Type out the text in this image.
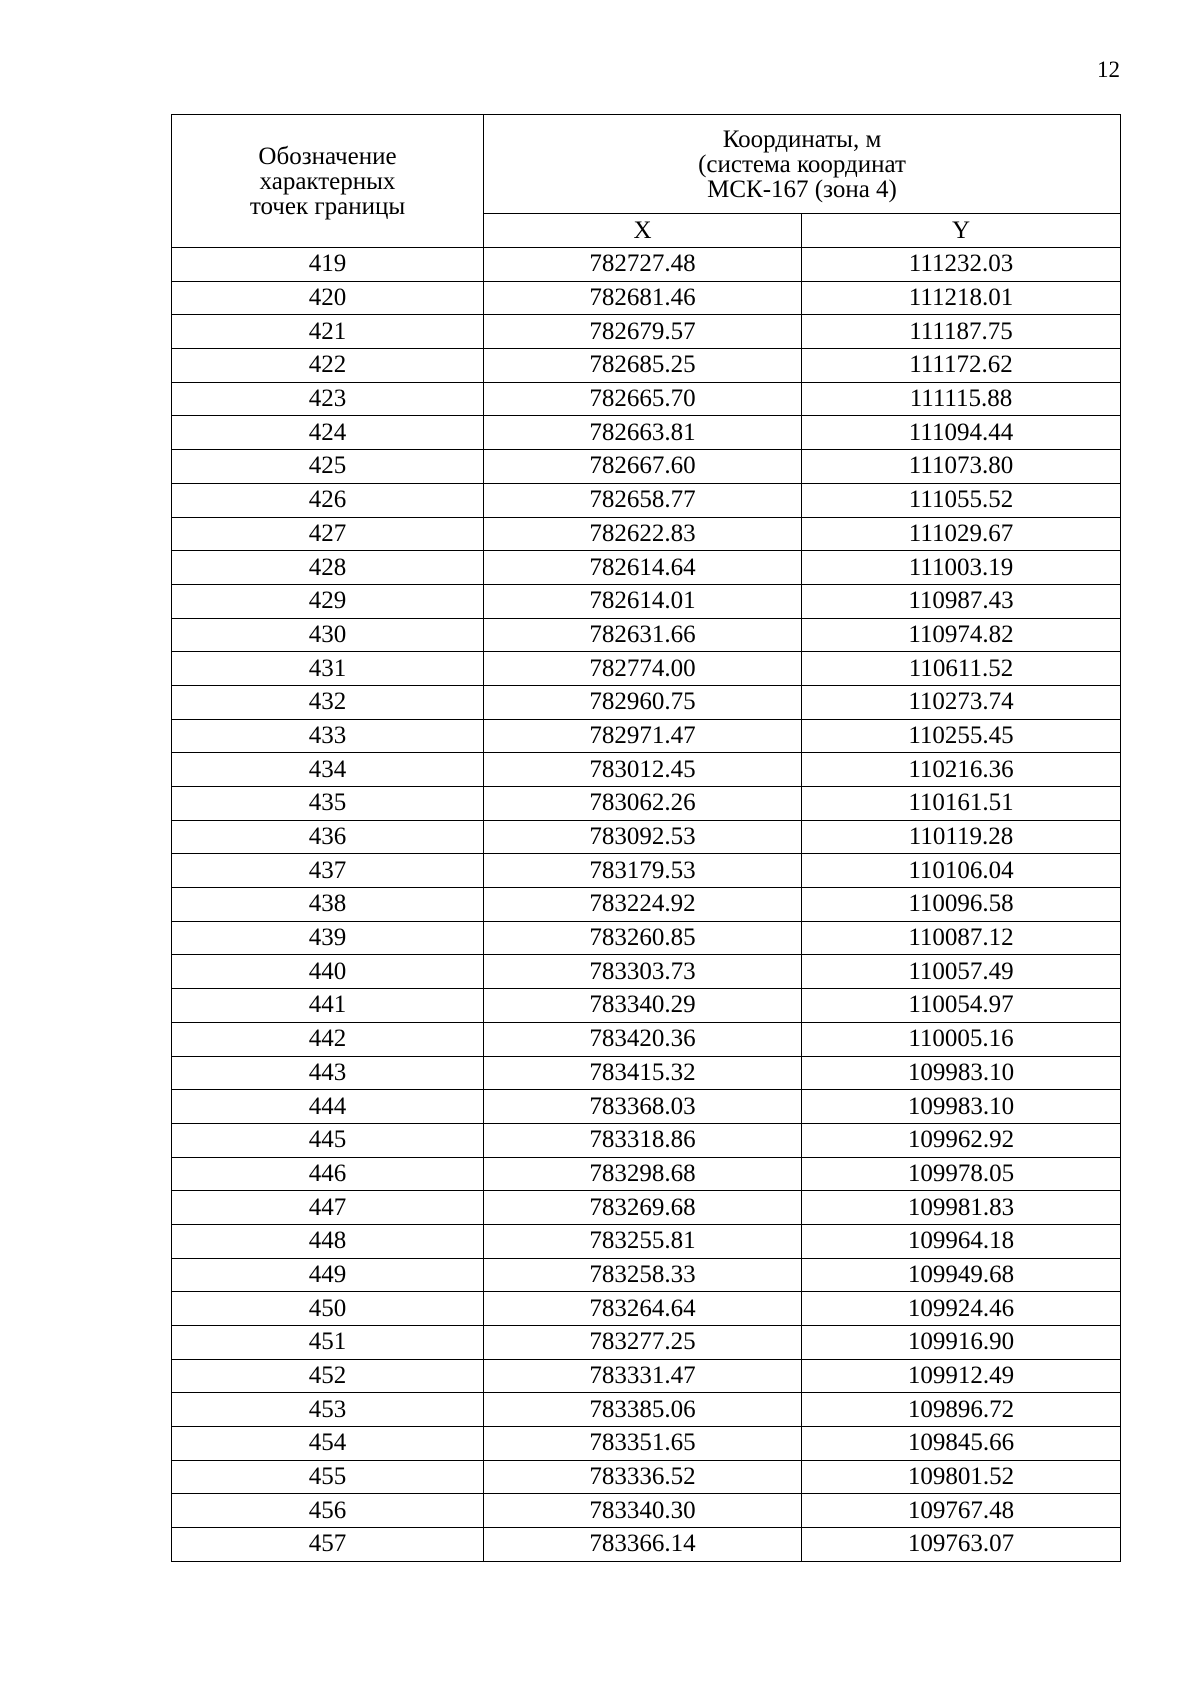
12
Обозначение
характерных
точек границы	Координаты, м
(система координат
МСК-167 (зона 4)	

	X	Y
419	782727.48	111232.03
420	782681.46	111218.01
421	782679.57	111187.75
422	782685.25	111172.62
423	782665.70	111115.88
424	782663.81	111094.44
425	782667.60	111073.80
426	782658.77	111055.52
427	782622.83	111029.67
428	782614.64	111003.19
429	782614.01	110987.43
430	782631.66	110974.82
431	782774.00	110611.52
432	782960.75	110273.74
433	782971.47	110255.45
434	783012.45	110216.36
435	783062.26	110161.51
436	783092.53	110119.28
437	783179.53	110106.04
438	783224.92	110096.58
439	783260.85	110087.12
440	783303.73	110057.49
441	783340.29	110054.97
442	783420.36	110005.16
443	783415.32	109983.10
444	783368.03	109983.10
445	783318.86	109962.92
446	783298.68	109978.05
447	783269.68	109981.83
448	783255.81	109964.18
449	783258.33	109949.68
450	783264.64	109924.46
451	783277.25	109916.90
452	783331.47	109912.49
453	783385.06	109896.72
454	783351.65	109845.66
455	783336.52	109801.52
456	783340.30	109767.48
457	783366.14	109763.07
